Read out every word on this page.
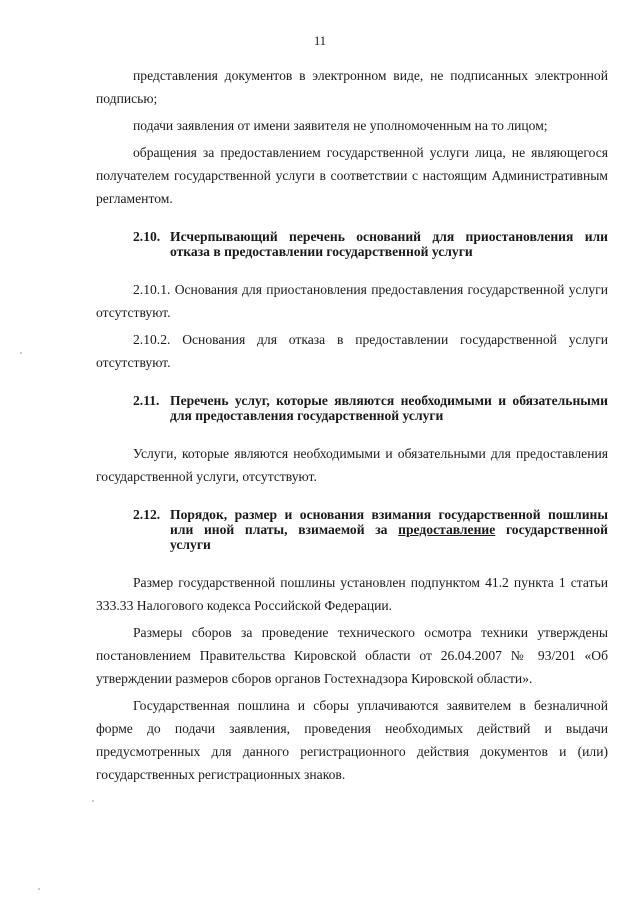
11

представления документов в электронном виде, не подписанных электронной подписью;

подачи заявления от имени заявителя не уполномоченным на то лицом;

обращения за предоставлением государственной услуги лица, не являющегося получателем государственной услуги в соответствии с настоящим Административным регламентом.

2.10. Исчерпывающий перечень оснований для приостановления или отказа в предоставлении государственной услуги

2.10.1. Основания для приостановления предоставления государственной услуги отсутствуют.

2.10.2. Основания для отказа в предоставлении государственной услуги отсутствуют.

2.11. Перечень услуг, которые являются необходимыми и обязательными для предоставления государственной услуги

Услуги, которые являются необходимыми и обязательными для предоставления государственной услуги, отсутствуют.

2.12. Порядок, размер и основания взимания государственной пошлины или иной платы, взимаемой за предоставление государственной услуги

Размер государственной пошлины установлен подпунктом 41.2 пункта 1 статьи 333.33 Налогового кодекса Российской Федерации.

Размеры сборов за проведение технического осмотра техники утверждены постановлением Правительства Кировской области от 26.04.2007 № 93/201 «Об утверждении размеров сборов органов Гостехнадзора Кировской области».

Государственная пошлина и сборы уплачиваются заявителем в безналичной форме до подачи заявления, проведения необходимых действий и выдачи предусмотренных для данного регистрационного действия документов и (или) государственных регистрационных знаков.
